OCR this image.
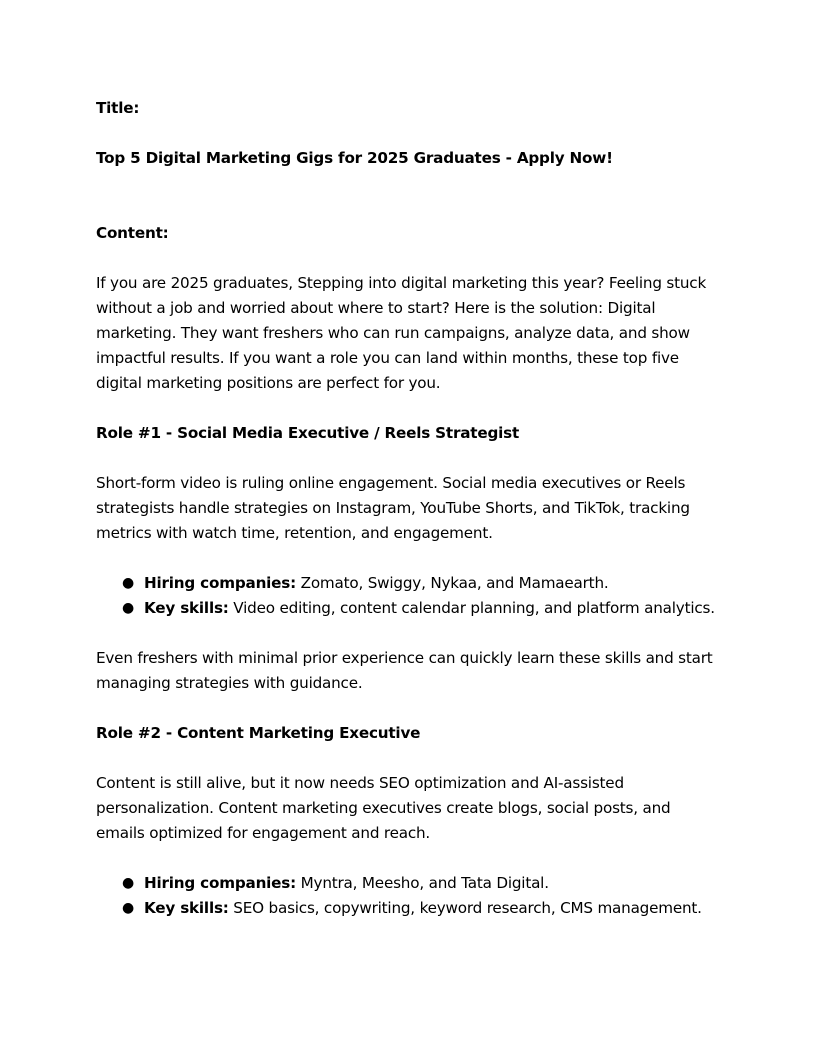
Title:

Top 5 Digital Marketing Gigs for 2025 Graduates - Apply Now!

Content:

If you are 2025 graduates, Stepping into digital marketing this year? Feeling stuck without a job and worried about where to start? Here is the solution: Digital marketing. They want freshers who can run campaigns, analyze data, and show impactful results. If you want a role you can land within months, these top five digital marketing positions are perfect for you.

Role #1 - Social Media Executive / Reels Strategist

Short-form video is ruling online engagement. Social media executives or Reels strategists handle strategies on Instagram, YouTube Shorts, and TikTok, tracking metrics with watch time, retention, and engagement.

● Hiring companies: Zomato, Swiggy, Nykaa, and Mamaearth.
● Key skills: Video editing, content calendar planning, and platform analytics.

Even freshers with minimal prior experience can quickly learn these skills and start managing strategies with guidance.

Role #2 - Content Marketing Executive

Content is still alive, but it now needs SEO optimization and AI-assisted personalization. Content marketing executives create blogs, social posts, and emails optimized for engagement and reach.

● Hiring companies: Myntra, Meesho, and Tata Digital.
● Key skills: SEO basics, copywriting, keyword research, CMS management.
